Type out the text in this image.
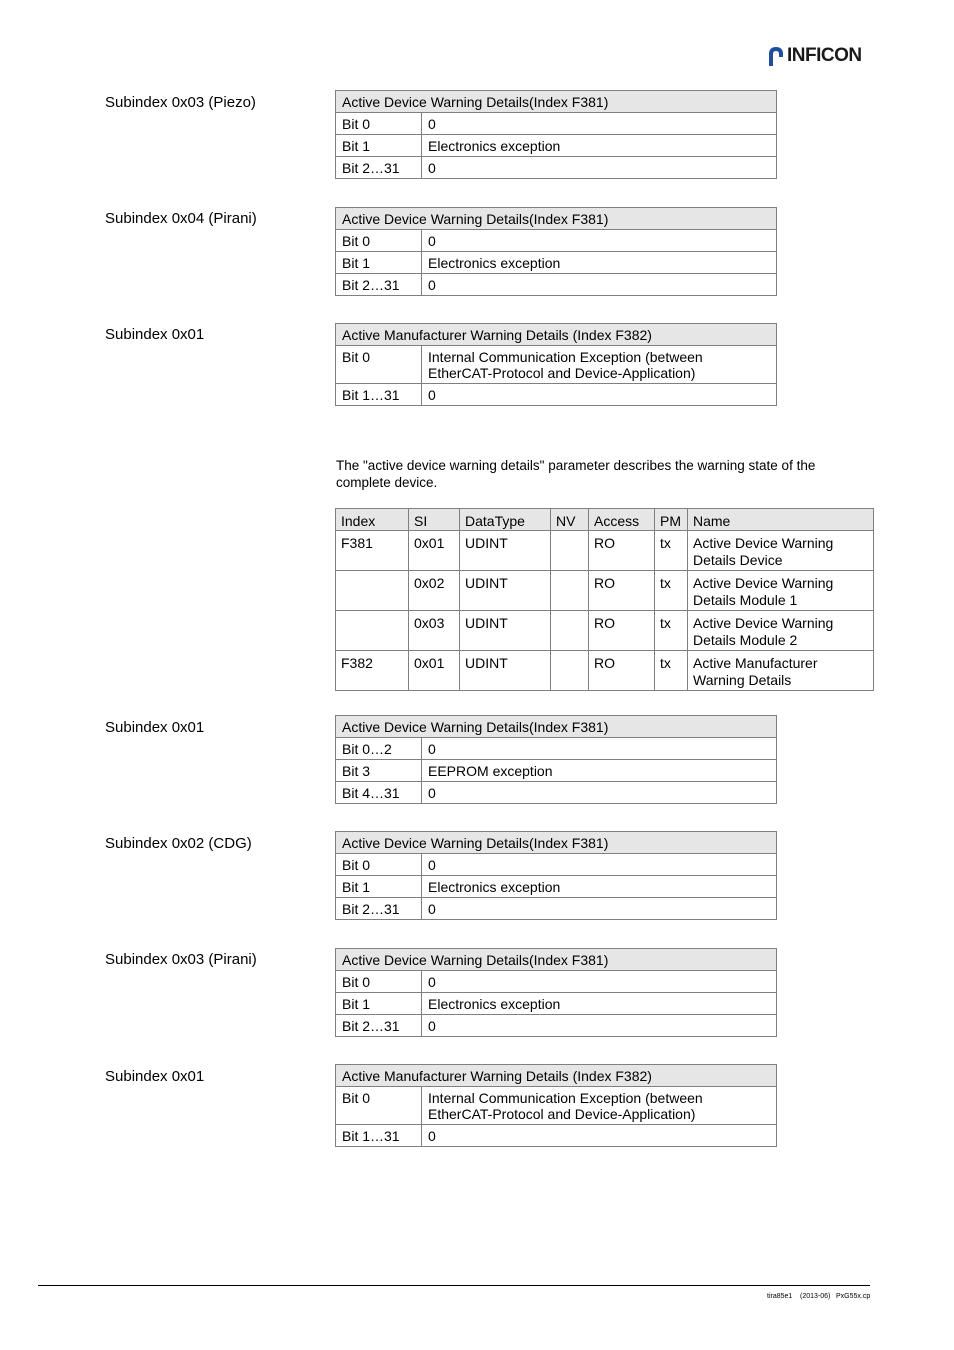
INFICON
Subindex 0x03 (Piezo)	Active Device Warning Details(Index F381)	
Bit 0	0
Bit 1	Electronics exception
Bit 2…31	0
Subindex 0x04 (Pirani)	Active Device Warning Details(Index F381)	
Bit 0	0
Bit 1	Electronics exception
Bit 2…31	0
Subindex 0x01	Active Manufacturer Warning Details (Index F382)	
Bit 0	Internal Communication Exception (between EtherCAT-Protocol and Device-Application)
Bit 1…31	0
The "active device warning details" parameter describes the warning state of the complete device.
Index	SI	DataType	NV	Access	PM	Name
F381	0x01	UDINT		RO	tx	Active Device Warning Details Device
	0x02	UDINT		RO	tx	Active Device Warning Details Module 1
	0x03	UDINT		RO	tx	Active Device Warning Details Module 2
F382	0x01	UDINT		RO	tx	Active Manufacturer Warning Details
Subindex 0x01	Active Device Warning Details(Index F381)	
Bit 0…2	0
Bit 3	EEPROM exception
Bit 4…31	0
Subindex 0x02 (CDG)	Active Device Warning Details(Index F381)	
Bit 0	0
Bit 1	Electronics exception
Bit 2…31	0
Subindex 0x03 (Pirani)	Active Device Warning Details(Index F381)	
Bit 0	0
Bit 1	Electronics exception
Bit 2…31	0
Subindex 0x01	Active Manufacturer Warning Details (Index F382)	
Bit 0	Internal Communication Exception (between EtherCAT-Protocol and Device-Application)
Bit 1…31	0
tira85e1 (2013-06) PxG55x.cp
